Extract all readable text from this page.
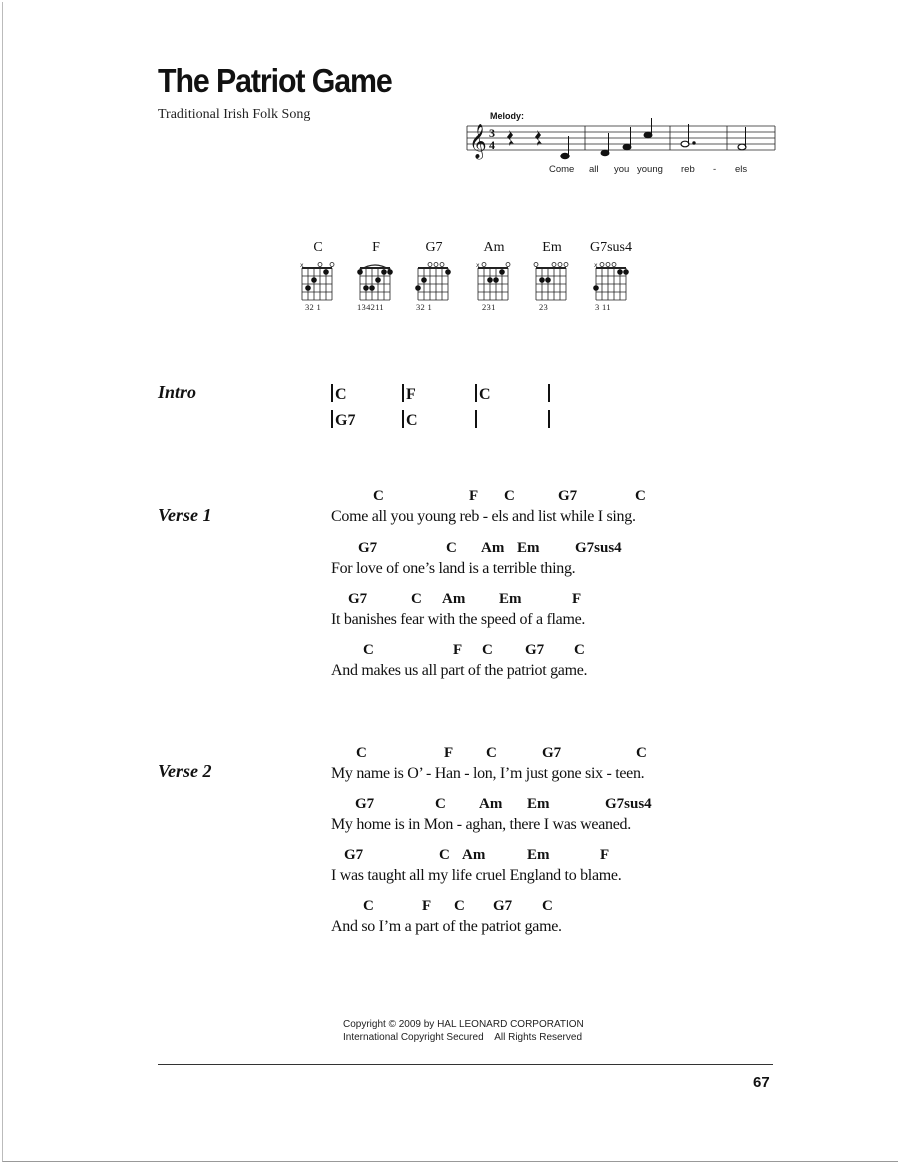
The Patriot Game
Traditional Irish Folk Song	Melody:
𝄞 3
4
Come all you young reb - els
C	F	G7	Am	Em	G7sus4
x	x	x
32 1	134211	32 1	231	23	3 11
Intro	C	F	C
G7	C
Verse 1
C	F C	G7	C
Come all you young reb - els and list while I sing.
G7	C Am Em G7sus4
For love of one’s land is a terrible thing.
G7	C Am Em	F
It banishes fear with the speed of a flame.
C	F C G7 C
And makes us all part of the patriot game.
Verse 2
C	F C	G7	C
My name is O’ - Han - lon, I’m just gone six - teen.
G7	C Am Em	G7sus4
My home is in Mon - aghan, there I was weaned.
G7	C Am	Em	F
I was taught all my life cruel England to blame.
C	F C G7 C
And so I’m a part of the patriot game.
Copyright © 2009 by HAL LEONARD CORPORATION
International Copyright Secured    All Rights Reserved
67
